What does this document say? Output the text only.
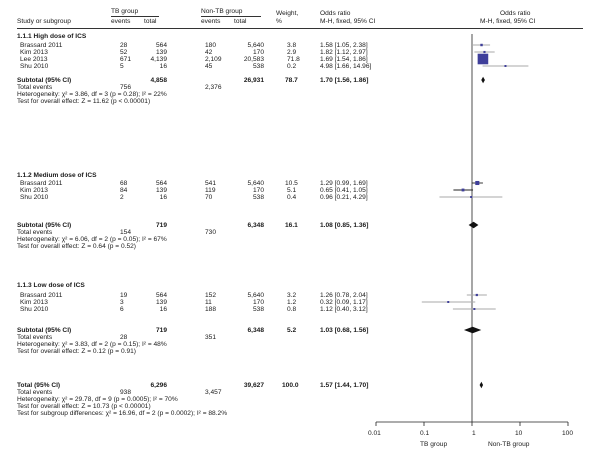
TB group	Non-TB group	Weight,
%
Odds ratio
M-H, fixed, 95% CI
Odds ratio
M-H, fixed, 95% CI
Study or subgroup	events total	events total
1.1.1 High dose of ICS
Brassard 2011	28	564	180	5,640	3.8	1.58 [1.05, 2.38]
Kim 2013	52	139	42	170	2.9	1.82 [1.12, 2.97]
Lee 2013	671	4,139	2,109	20,583	71.8	1.69 [1.54, 1.86]
Shu 2010	5	16	45	538	0.2	4.98 [1.66, 14.96]
Subtotal (95% CI)	4,858	26,931	78.7	1.70 [1.56, 1.86]
Total events	756	2,376
Heterogeneity: χ² = 3.86, df = 3 (p = 0.28); I² = 22%
Test for overall effect: Z = 11.62 (p < 0.00001)
1.1.2 Medium dose of ICS
Brassard 2011	68	564	541	5,640	10.5	1.29 [0.99, 1.69]
Kim 2013	84	139	119	170	5.1	0.65 [0.41, 1.05]
Shu 2010	2	16	70	538	0.4	0.96 [0.21, 4.29]
Subtotal (95% CI)	719	6,348	16.1	1.08 [0.85, 1.36]
Total events	154	730
Heterogeneity: χ² = 6.06, df = 2 (p = 0.05); I² = 67%
Test for overall effect: Z = 0.64 (p = 0.52)
1.1.3 Low dose of ICS
Brassard 2011	19	564	152	5,640	3.2	1.26 [0.78, 2.04]
Kim 2013	3	139	11	170	1.2	0.32 [0.09, 1.17]
Shu 2010	6	16	188	538	0.8	1.12 [0.40, 3.12]
Subtotal (95% CI)	719	6,348	5.2	1.03 [0.68, 1.56]
Total events	28	351
Heterogeneity: χ² = 3.83, df = 2 (p = 0.15); I² = 48%
Test for overall effect: Z = 0.12 (p = 0.91)
Total (95% CI)	6,296	39,627	100.0	1.57 [1.44, 1.70]
Total events	938	3,457
Heterogeneity: χ² = 29.78, df = 9 (p = 0.0005); I² = 70%
Test for overall effect: Z = 10.73 (p < 0.00001)
Test for subgroup differences: χ² = 16.96, df = 2 (p = 0.0002); I² = 88.2%
0.01	0.1	1	10	100
TB group	Non-TB group
